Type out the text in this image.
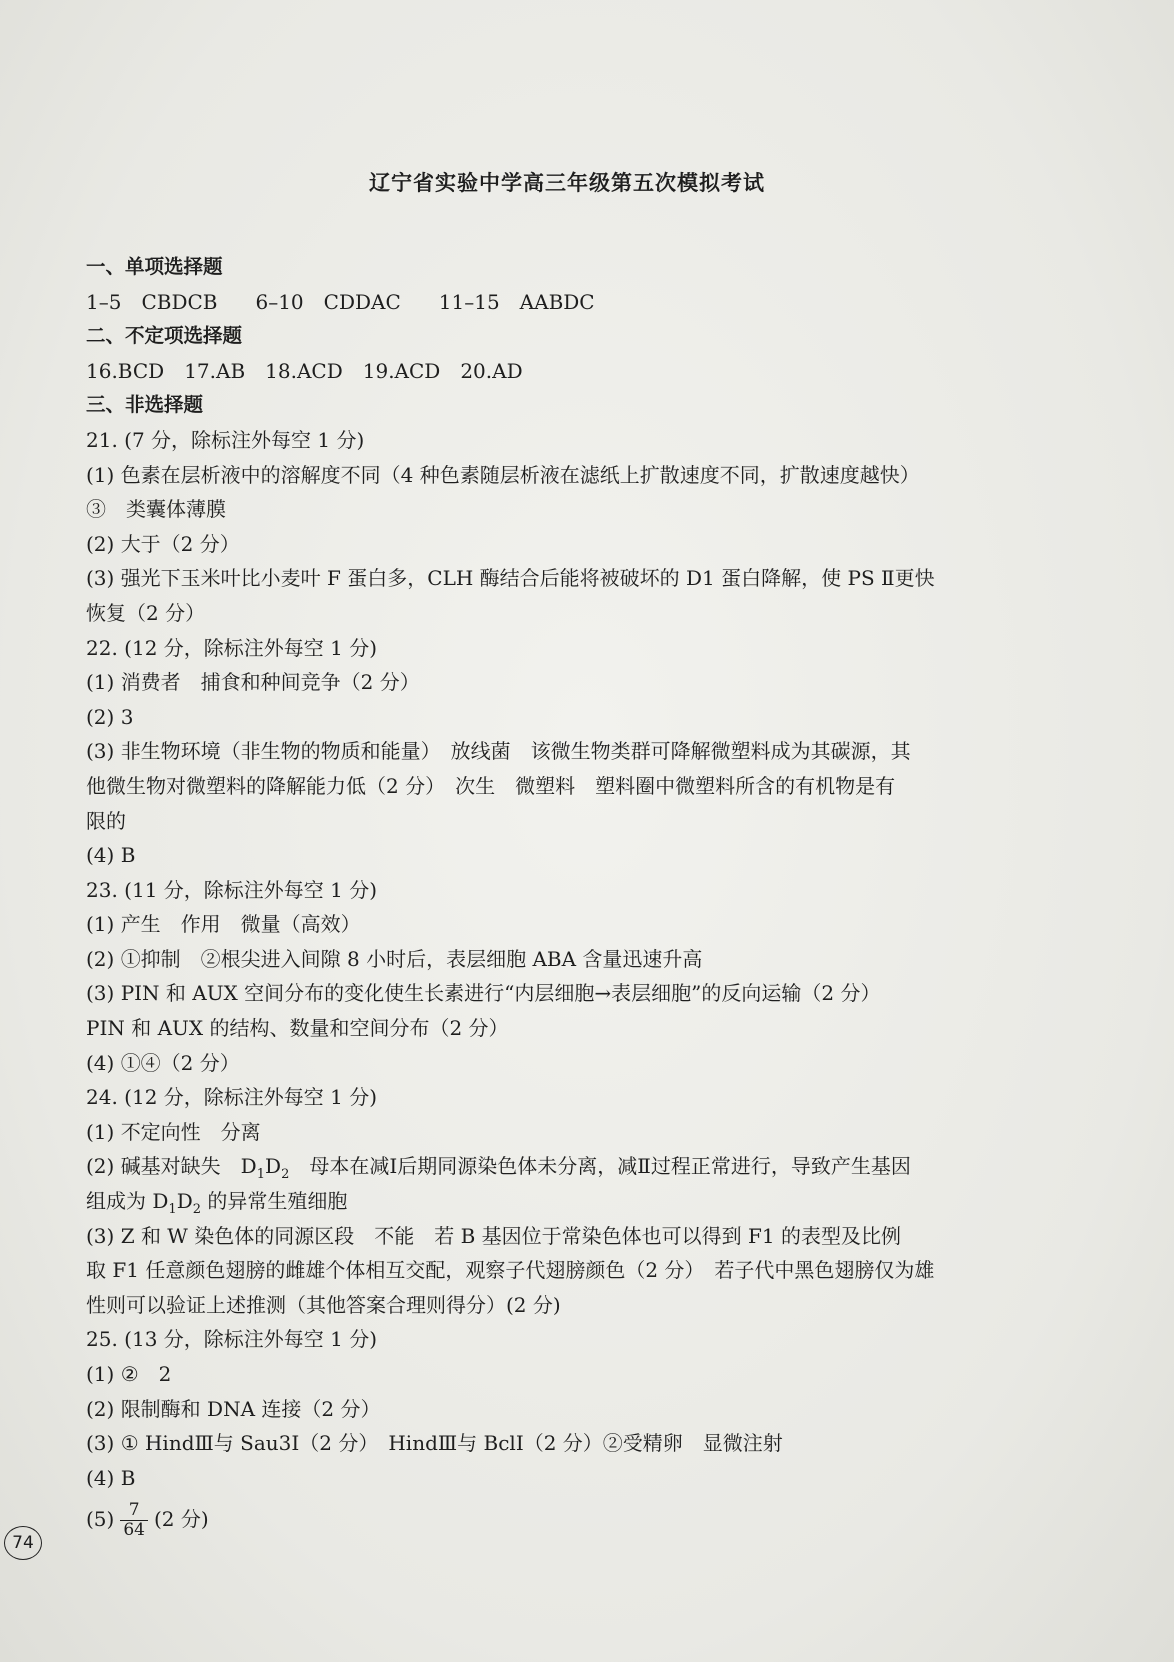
辽宁省实验中学高三年级第五次模拟考试
一、单项选择题
1–5　CBDCB 6–10　CDDAC 11–15　AABDC
二、不定项选择题
16.BCD　17.AB　18.ACD　19.ACD　20.AD
三、非选择题
21. (7 分，除标注外每空 1 分)
(1) 色素在层析液中的溶解度不同（4 种色素随层析液在滤纸上扩散速度不同，扩散速度越快）
③　类囊体薄膜
(2) 大于（2 分）
(3) 强光下玉米叶比小麦叶 F 蛋白多，CLH 酶结合后能将被破坏的 D1 蛋白降解，使 PS Ⅱ更快
恢复（2 分）
22. (12 分，除标注外每空 1 分)
(1) 消费者　捕食和种间竞争（2 分）
(2) 3
(3) 非生物环境（非生物的物质和能量）　放线菌　该微生物类群可降解微塑料成为其碳源，其
他微生物对微塑料的降解能力低（2 分）　次生　微塑料　塑料圈中微塑料所含的有机物是有
限的
(4) B
23. (11 分，除标注外每空 1 分)
(1) 产生　作用　微量（高效）
(2) ①抑制　②根尖进入间隙 8 小时后，表层细胞 ABA 含量迅速升高
(3) PIN 和 AUX 空间分布的变化使生长素进行“内层细胞→表层细胞”的反向运输（2 分）
PIN 和 AUX 的结构、数量和空间分布（2 分）
(4) ①④（2 分）
24. (12 分，除标注外每空 1 分)
(1) 不定向性　分离
(2) 碱基对缺失　$D_1D_2$　母本在减Ⅰ后期同源染色体未分离，减Ⅱ过程正常进行，导致产生基因
组成为 $D_1D_2$ 的异常生殖细胞
(3) Z 和 W 染色体的同源区段　不能　若 B 基因位于常染色体也可以得到 F1 的表型及比例
取 F1 任意颜色翅膀的雌雄个体相互交配，观察子代翅膀颜色（2 分）　若子代中黑色翅膀仅为雄
性则可以验证上述推测（其他答案合理则得分）(2 分)
25. (13 分，除标注外每空 1 分)
(1) ②　2
(2) 限制酶和 DNA 连接（2 分）
(3) ① HindⅢ与 Sau3I（2 分）　HindⅢ与 BclI（2 分）②受精卵　显微注射
(4) B
$(5) \frac{7}{64} (2$ 分)
74
